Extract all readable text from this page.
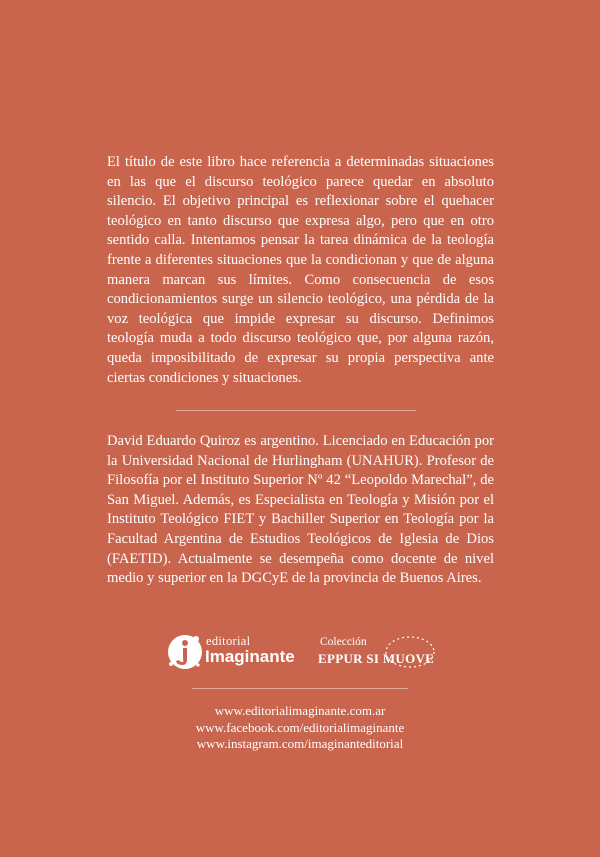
El título de este libro hace referencia a determinadas situaciones en las que el discurso teológico parece quedar en absoluto silencio. El objetivo principal es reflexionar sobre el quehacer teológico en tanto discurso que expresa algo, pero que en otro sentido calla. Intentamos pensar la tarea dinámica de la teología frente a diferentes situaciones que la condicionan y que de alguna manera marcan sus límites. Como consecuencia de esos condicionamientos surge un silencio teológico, una pérdida de la voz teológica que impide expresar su discurso. Definimos teología muda a todo discurso teológico que, por alguna razón, queda imposibilitado de expresar su propia perspectiva ante ciertas condiciones y situaciones.

David Eduardo Quiroz es argentino. Licenciado en Educación por la Universidad Nacional de Hurlingham (UNAHUR). Profesor de Filosofía por el Instituto Superior Nº 42 “Leopoldo Marechal”, de San Miguel. Además, es Especialista en Teología y Misión por el Instituto Teológico FIET y Bachiller Superior en Teología por la Facultad Argentina de Estudios Teológicos de Iglesia de Dios (FAETID). Actualmente se desempeña como docente de nivel medio y superior en la DGCyE de la provincia de Buenos Aires.

editorial
Imaginante
Colección
EPPUR SI MUOVE
www.editorialimaginante.com.ar
www.facebook.com/editorialimaginante
www.instagram.com/imaginanteditorial
